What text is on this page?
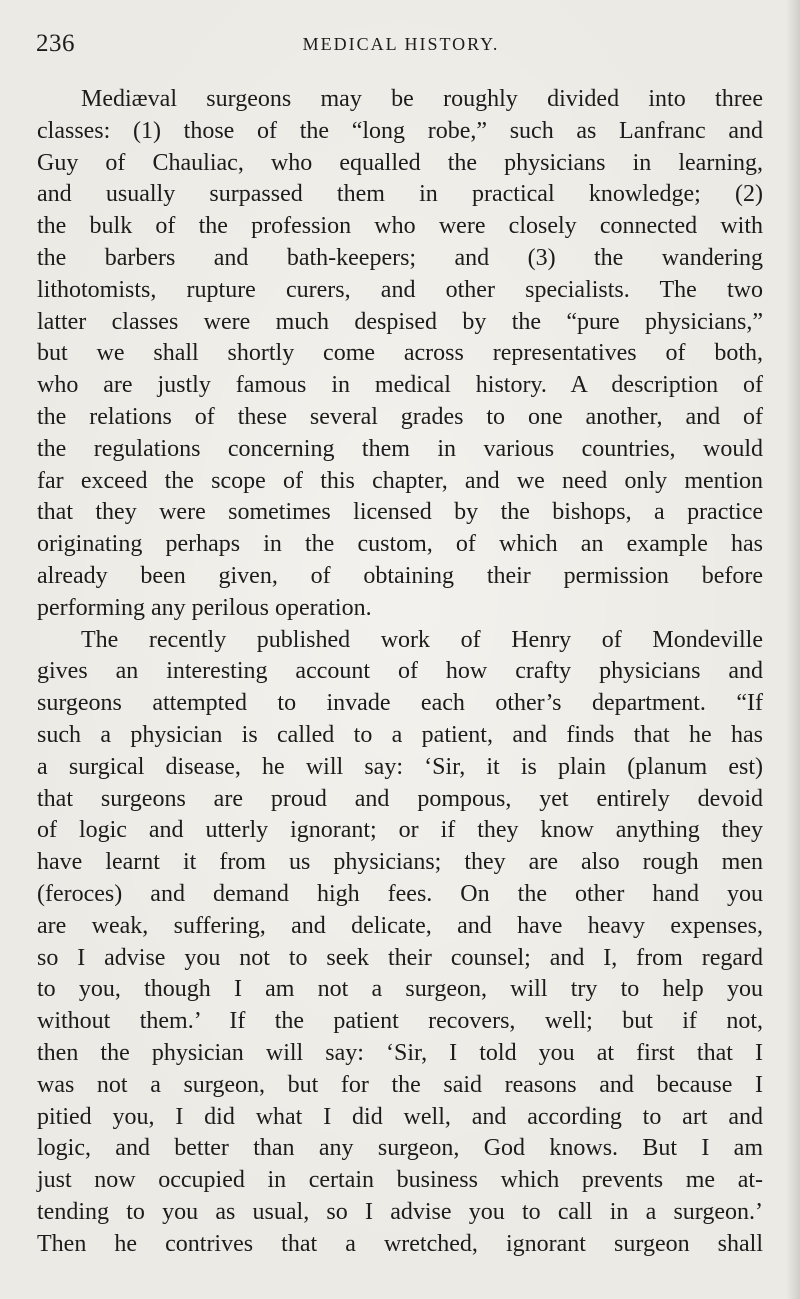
236	MEDICAL HISTORY.
Mediæval surgeons may be roughly divided into three
classes: (1) those of the “long robe,” such as Lanfranc and
Guy of Chauliac, who equalled the physicians in learning,
and usually surpassed them in practical knowledge; (2)
the bulk of the profession who were closely connected with
the barbers and bath-keepers; and (3) the wandering
lithotomists, rupture curers, and other specialists. The two
latter classes were much despised by the “pure physicians,”
but we shall shortly come across representatives of both,
who are justly famous in medical history. A description of
the relations of these several grades to one another, and of
the regulations concerning them in various countries, would
far exceed the scope of this chapter, and we need only mention
that they were sometimes licensed by the bishops, a practice
originating perhaps in the custom, of which an example has
already been given, of obtaining their permission before
performing any perilous operation.
The recently published work of Henry of Mondeville
gives an interesting account of how crafty physicians and
surgeons attempted to invade each other’s department. “If
such a physician is called to a patient, and finds that he has
a surgical disease, he will say: ‘Sir, it is plain (planum est)
that surgeons are proud and pompous, yet entirely devoid
of logic and utterly ignorant; or if they know anything they
have learnt it from us physicians; they are also rough men
(feroces) and demand high fees. On the other hand you
are weak, suffering, and delicate, and have heavy expenses,
so I advise you not to seek their counsel; and I, from regard
to you, though I am not a surgeon, will try to help you
without them.’ If the patient recovers, well; but if not,
then the physician will say: ‘Sir, I told you at first that I
was not a surgeon, but for the said reasons and because I
pitied you, I did what I did well, and according to art and
logic, and better than any surgeon, God knows. But I am
just now occupied in certain business which prevents me at-
tending to you as usual, so I advise you to call in a surgeon.’
Then he contrives that a wretched, ignorant surgeon shall
